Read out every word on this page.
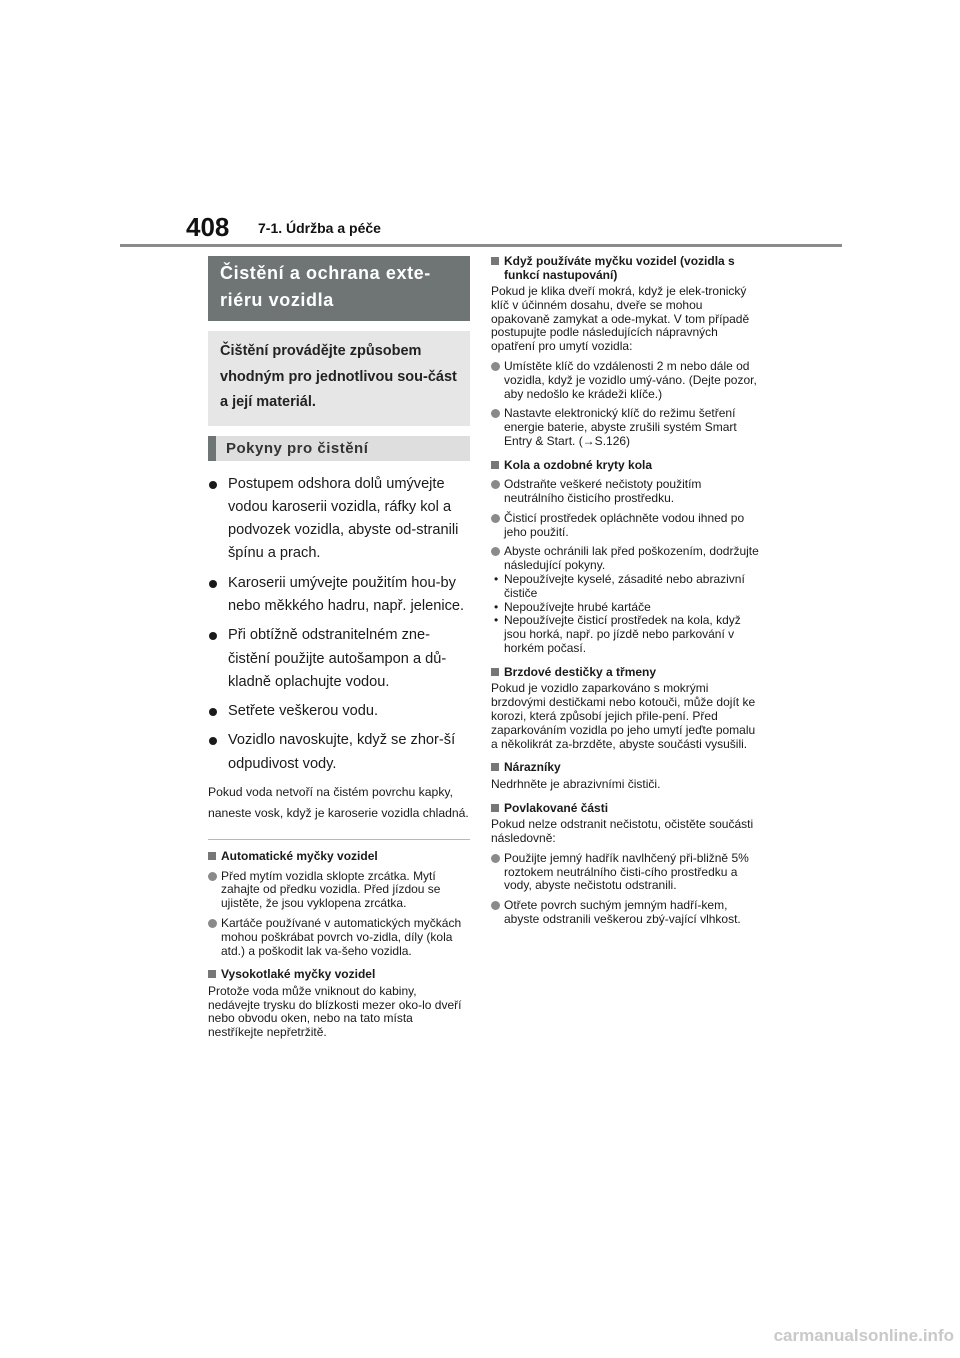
408 7-1. Údržba a péče
Čistění a ochrana exte-riéru vozidla
Čištění provádějte způsobem vhodným pro jednotlivou sou-část a její materiál.
Pokyny pro čistění
Postupem odshora dolů umývejte vodou karoserii vozidla, ráfky kol a podvozek vozidla, abyste od-stranili špínu a prach.
Karoserii umývejte použitím hou-by nebo měkkého hadru, např. jelenice.
Při obtížně odstranitelném zne-čistění použijte autošampon a dů-kladně oplachujte vodou.
Setřete veškerou vodu.
Vozidlo navoskujte, když se zhor-ší odpudivost vody.
Pokud voda netvoří na čistém povrchu kapky, naneste vosk, když je karoserie vozidla chladná.
Automatické myčky vozidel
Před mytím vozidla sklopte zrcátka. Mytí zahajte od předku vozidla. Před jízdou se ujistěte, že jsou vyklopena zrcátka.
Kartáče používané v automatických myčkách mohou poškrábat povrch vo-zidla, díly (kola atd.) a poškodit lak va-šeho vozidla.
Vysokotlaké myčky vozidel
Protože voda může vniknout do kabiny, nedávejte trysku do blízkosti mezer oko-lo dveří nebo obvodu oken, nebo na tato místa nestříkejte nepřetržitě.
Když používáte myčku vozidel (vozidla s funkcí nastupování)
Pokud je klika dveří mokrá, když je elek-tronický klíč v účinném dosahu, dveře se mohou opakovaně zamykat a ode-mykat. V tom případě postupujte podle následujících nápravných opatření pro umytí vozidla:
Umístěte klíč do vzdálenosti 2 m nebo dále od vozidla, když je vozidlo umý-váno. (Dejte pozor, aby nedošlo ke krádeži klíče.)
Nastavte elektronický klíč do režimu šetření energie baterie, abyste zrušili systém Smart Entry & Start. (→S.126)
Kola a ozdobné kryty kola
Odstraňte veškeré nečistoty použitím neutrálního čisticího prostředku.
Čisticí prostředek opláchněte vodou ihned po jeho použití.
Abyste ochránili lak před poškozením, dodržujte následující pokyny.
• Nepoužívejte kyselé, zásadité nebo abrazivní čističe
• Nepoužívejte hrubé kartáče
• Nepoužívejte čisticí prostředek na kola, když jsou horká, např. po jízdě nebo parkování v horkém počasí.
Brzdové destičky a třmeny
Pokud je vozidlo zaparkováno s mokrými brzdovými destičkami nebo kotouči, může dojít ke korozi, která způsobí jejich přile-pení. Před zaparkováním vozidla po jeho umytí jeďte pomalu a několikrát za-brzděte, abyste součásti vysušili.
Nárazníky
Nedrhněte je abrazivními čističi.
Povlakované části
Pokud nelze odstranit nečistotu, očistěte součásti následovně:
Použijte jemný hadřík navlhčený při-bližně 5% roztokem neutrálního čisti-cího prostředku a vody, abyste nečistotu odstranili.
Otřete povrch suchým jemným hadří-kem, abyste odstranili veškerou zbý-vající vlhkost.
carmanualsonline.info
